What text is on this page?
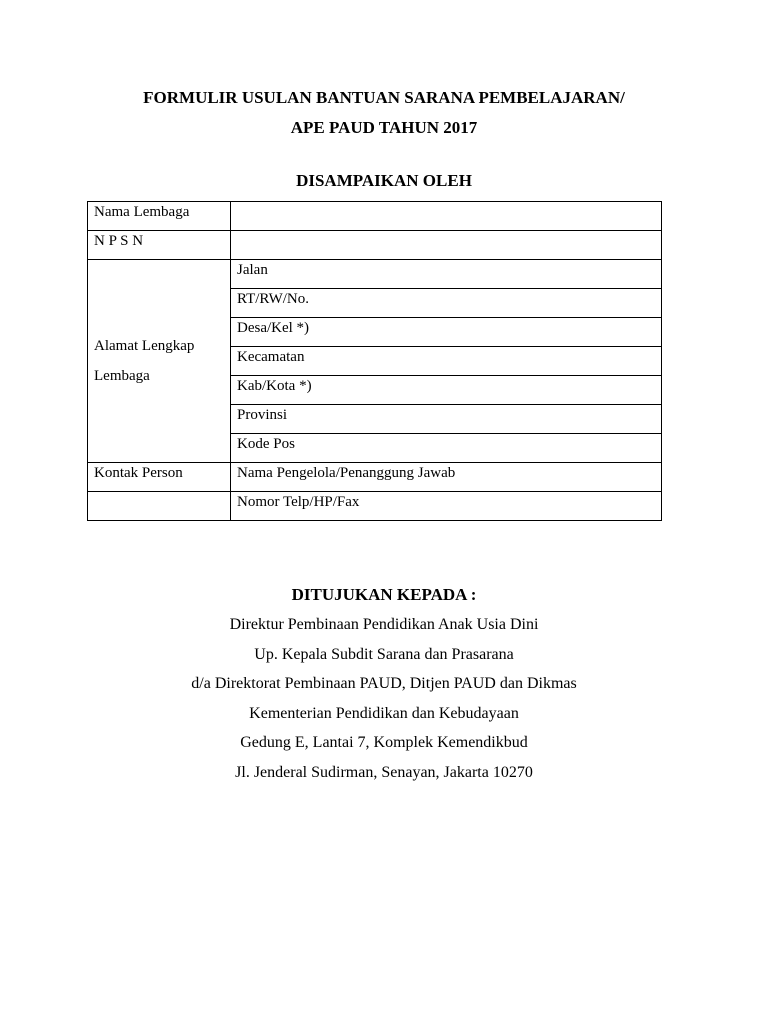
FORMULIR USULAN BANTUAN SARANA PEMBELAJARAN/
APE PAUD TAHUN 2017
DISAMPAIKAN OLEH
Nama Lembaga	
N P S N	
Alamat Lengkap
Lembaga	Jalan
	RT/RW/No.
	Desa/Kel *)
	Kecamatan
	Kab/Kota *)
	Provinsi
	Kode Pos
Kontak Person	Nama Pengelola/Penanggung Jawab
	Nomor Telp/HP/Fax
DITUJUKAN KEPADA :
Direktur Pembinaan Pendidikan Anak Usia Dini
Up. Kepala Subdit Sarana dan Prasarana
d/a Direktorat Pembinaan PAUD, Ditjen PAUD dan Dikmas
Kementerian Pendidikan dan Kebudayaan
Gedung E, Lantai 7, Komplek Kemendikbud
Jl. Jenderal Sudirman, Senayan, Jakarta 10270
